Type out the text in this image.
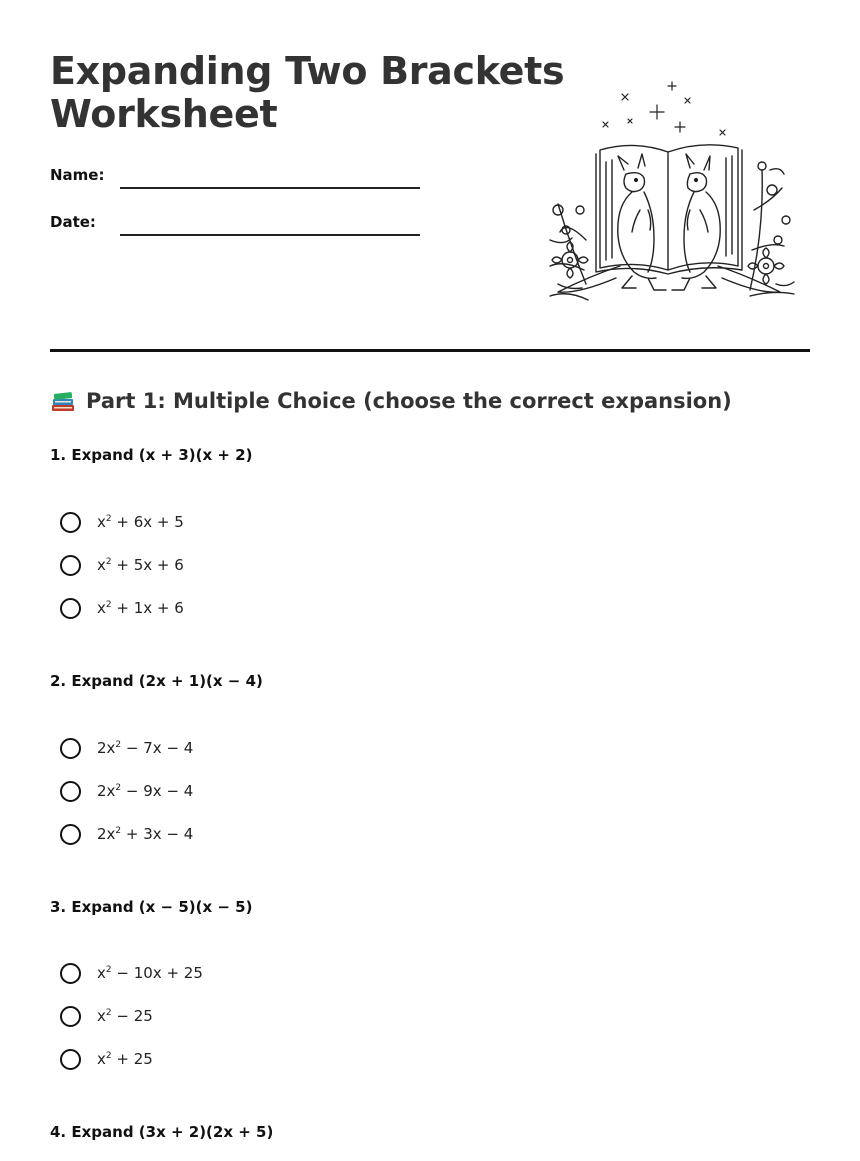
Expanding Two Brackets
Worksheet
Name:
Date:
Part 1: Multiple Choice (choose the correct expansion)
1. Expand (x + 3)(x + 2)
$x^2 + 6x + 5$
$x^2 + 5x + 6$
$x^2 + 1x + 6$
2. Expand (2x + 1)(x − 4)
$2x^2 - 7x - 4$
$2x^2 - 9x - 4$
$2x^2 + 3x - 4$
3. Expand (x − 5)(x − 5)
$x^2 - 10x + 25$
$x^2 - 25$
$x^2 + 25$
4. Expand (3x + 2)(2x + 5)
